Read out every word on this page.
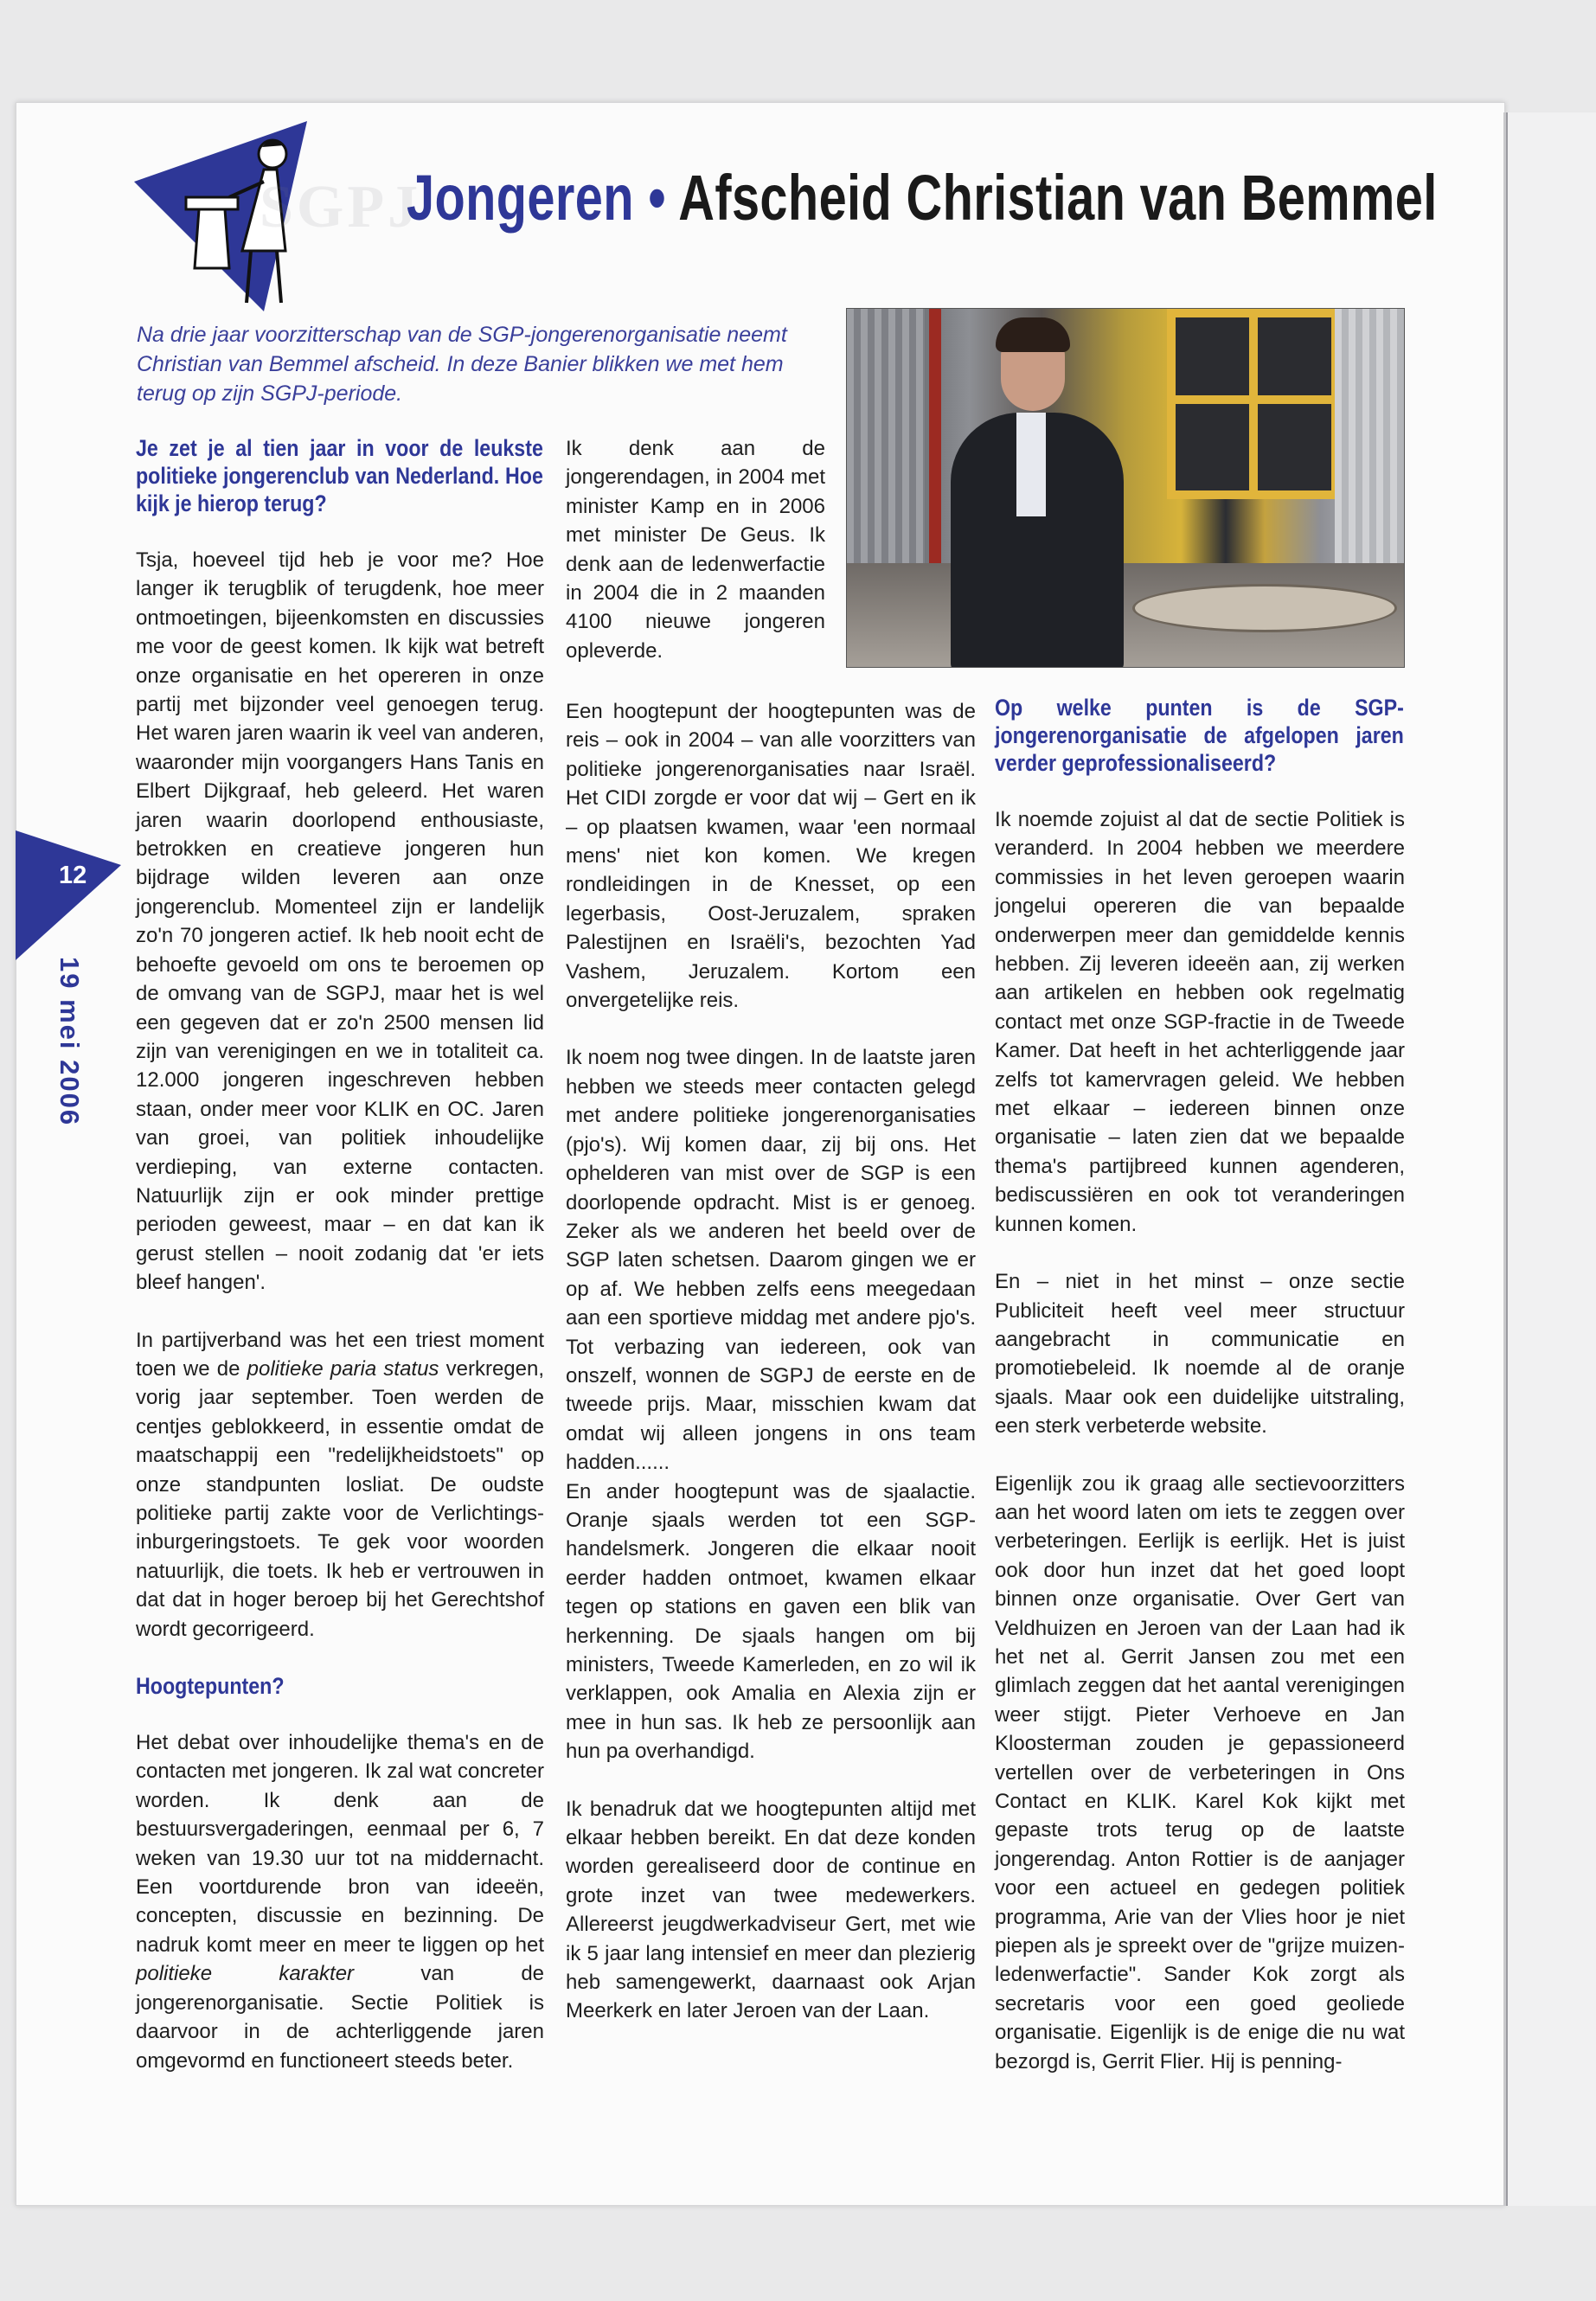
SGPJ
Jongeren • Afscheid Christian van Bemmel
Na drie jaar voorzitterschap van de SGP-jongerenorganisatie neemt Christian van Bemmel afscheid. In deze Banier blikken we met hem terug op zijn SGPJ-periode.
12
19 mei 2006

Je zet je al tien jaar in voor de leukste politieke jongerenclub van Nederland. Hoe kijk je hierop terug?

Tsja, hoeveel tijd heb je voor me? Hoe langer ik terugblik of terugdenk, hoe meer ontmoetingen, bijeenkomsten en discussies me voor de geest komen. Ik kijk wat betreft onze organisatie en het opereren in onze partij met bijzonder veel genoegen terug. Het waren jaren waarin ik veel van anderen, waaronder mijn voorgangers Hans Tanis en Elbert Dijkgraaf, heb geleerd. Het waren jaren waarin doorlopend enthousiaste, betrokken en creatieve jongeren hun bijdrage wilden leveren aan onze jongerenclub. Momenteel zijn er landelijk zo'n 70 jongeren actief. Ik heb nooit echt de behoefte gevoeld om ons te beroemen op de omvang van de SGPJ, maar het is wel een gegeven dat er zo'n 2500 mensen lid zijn van verenigingen en we in totaliteit ca. 12.000 jongeren ingeschreven hebben staan, onder meer voor KLIK en OC. Jaren van groei, van politiek inhoudelijke verdieping, van externe contacten. Natuurlijk zijn er ook minder prettige perioden geweest, maar – en dat kan ik gerust stellen – nooit zodanig dat 'er iets bleef hangen'.

In partijverband was het een triest moment toen we de politieke paria status verkregen, vorig jaar september. Toen werden de centjes geblokkeerd, in essentie omdat de maatschappij een "redelijkheidstoets" op onze standpunten losliat. De oudste politieke partij zakte voor de Verlichtings- inburgeringstoets. Te gek voor woorden natuurlijk, die toets. Ik heb er vertrouwen in dat dat in hoger beroep bij het Gerechtshof wordt gecorrigeerd.

Hoogtepunten?

Het debat over inhoudelijke thema's en de contacten met jongeren. Ik zal wat concreter worden. Ik denk aan de bestuursvergaderingen, eenmaal per 6, 7 weken van 19.30 uur tot na middernacht. Een voortdurende bron van ideeën, concepten, discussie en bezinning. De nadruk komt meer en meer te liggen op het politieke karakter	van de jongerenorganisatie. Sectie Politiek is daarvoor in de achterliggende jaren omgevormd en functioneert steeds beter.

Ik denk aan de jongerendagen, in 2004 met minister Kamp en in 2006 met minister De Geus. Ik denk aan de ledenwerfactie in 2004 die in 2 maanden 4100 nieuwe jongeren opleverde.

Een hoogtepunt der hoogtepunten was de reis – ook in 2004 – van alle voorzitters van politieke jongerenorganisaties naar Israël. Het CIDI zorgde er voor dat wij – Gert en ik – op plaatsen kwamen, waar 'een normaal mens' niet kon komen. We kregen rondleidingen in de Knesset, op een legerbasis, Oost-Jeruzalem, spraken Palestijnen en Israëli's, bezochten Yad Vashem, Jeruzalem. Kortom een onvergetelijke reis.

Ik noem nog twee dingen. In de laatste jaren hebben we steeds meer contacten gelegd met andere politieke jongerenorganisaties (pjo's). Wij komen daar, zij bij ons. Het ophelderen van mist over de SGP is een doorlopende opdracht. Mist is er genoeg. Zeker als we anderen het beeld over de SGP laten schetsen. Daarom gingen we er op af. We hebben zelfs eens meegedaan aan een sportieve middag met andere pjo's. Tot verbazing van iedereen, ook van onszelf, wonnen de SGPJ de eerste en de tweede prijs. Maar, misschien kwam dat omdat wij alleen jongens in ons team hadden......

En ander hoogtepunt was de sjaalactie. Oranje sjaals werden tot een SGP-handelsmerk. Jongeren die elkaar nooit eerder hadden ontmoet, kwamen elkaar tegen op stations en gaven een blik van herkenning. De sjaals hangen om bij ministers, Tweede Kamerleden, en zo wil ik verklappen, ook Amalia en Alexia zijn er mee in hun sas. Ik heb ze persoonlijk aan hun pa overhandigd.

Ik benadruk dat we hoogtepunten altijd met elkaar hebben bereikt. En dat deze konden worden gerealiseerd door de continue en grote inzet van twee medewerkers. Allereerst jeugdwerkadviseur Gert, met wie ik 5 jaar lang intensief en meer dan plezierig heb samengewerkt, daarnaast ook Arjan Meerkerk en later Jeroen van der Laan.

Op welke punten is de SGP-jongerenorganisatie de afgelopen jaren verder geprofessionaliseerd?

Ik noemde zojuist al dat de sectie Politiek is veranderd. In 2004 hebben we meerdere commissies in het leven geroepen waarin jongelui opereren die van bepaalde onderwerpen meer dan gemiddelde kennis hebben. Zij leveren ideeën aan, zij werken aan artikelen en hebben ook regelmatig contact met onze SGP-fractie in de Tweede Kamer. Dat heeft in het achterliggende jaar zelfs tot kamervragen geleid. We hebben met elkaar – iedereen binnen onze organisatie – laten zien dat we bepaalde thema's partijbreed kunnen agenderen, bediscussiëren en ook tot veranderingen kunnen komen.

En – niet in het minst – onze sectie Publiciteit heeft veel meer structuur aangebracht in communicatie en promotiebeleid. Ik noemde al de oranje sjaals. Maar ook een duidelijke uitstraling, een sterk verbeterde website.

Eigenlijk zou ik graag alle sectievoorzitters aan het woord laten om iets te zeggen over verbeteringen. Eerlijk is eerlijk. Het is juist ook door hun inzet dat het goed loopt binnen onze organisatie. Over Gert van Veldhuizen en Jeroen van der Laan had ik het net al. Gerrit Jansen zou met een glimlach zeggen dat het aantal verenigingen weer stijgt. Pieter Verhoeve en Jan Kloosterman zouden je gepassioneerd vertellen over de verbeteringen in Ons Contact en KLIK. Karel Kok kijkt met gepaste trots terug op de laatste jongerendag. Anton Rottier is de aanjager voor een actueel en gedegen politiek programma, Arie van der Vlies hoor je niet piepen als je spreekt over de "grijze muizen-ledenwerfactie". Sander Kok zorgt als secretaris voor een goed geoliede organisatie. Eigenlijk is de enige die nu wat bezorgd is, Gerrit Flier. Hij is penning-
